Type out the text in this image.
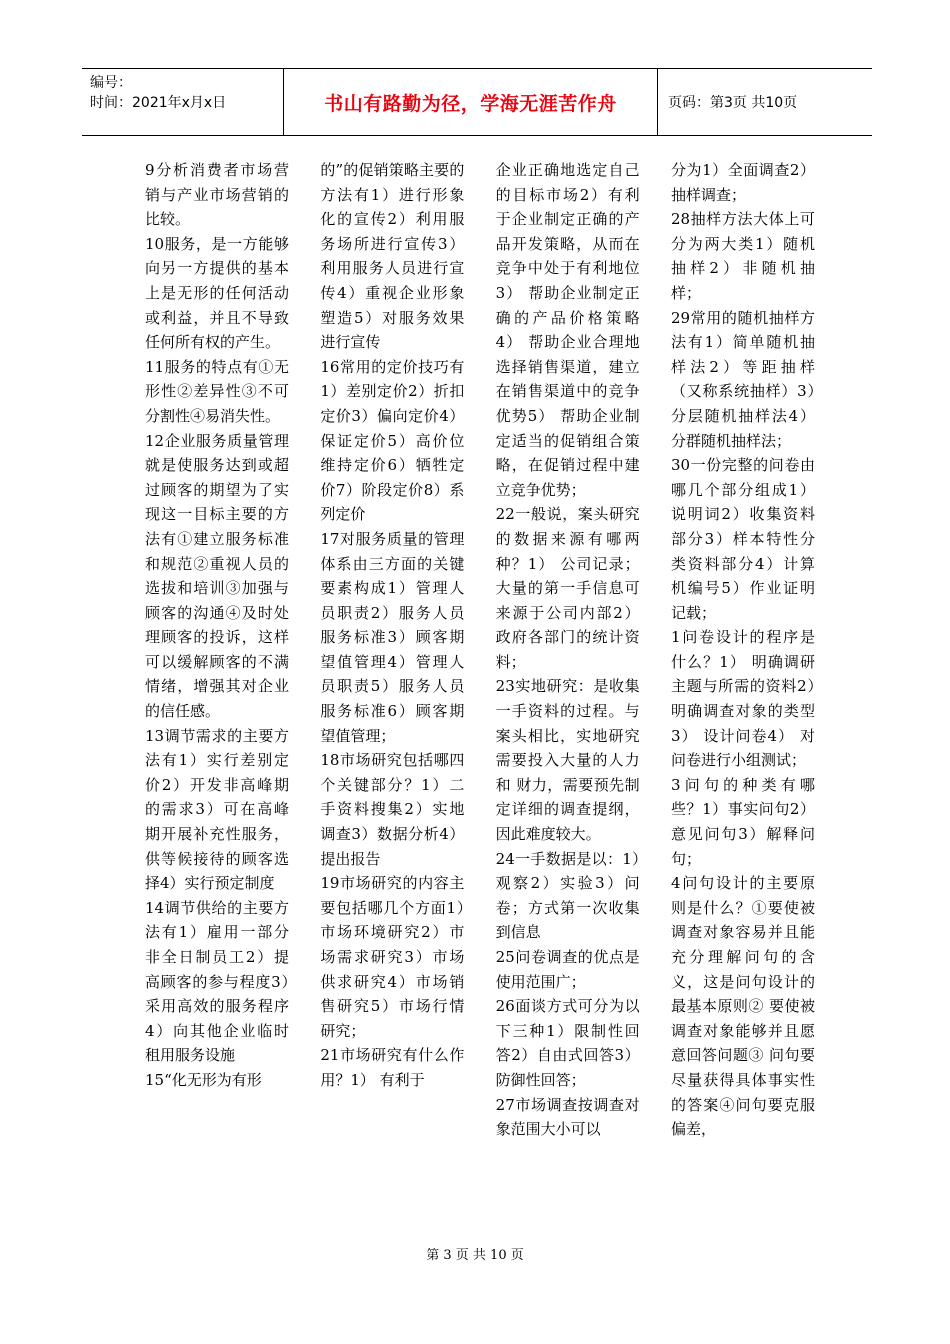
编号：
时间：2021年x月x日	书山有路勤为径，学海无涯苦作舟	页码：第3页 共10页

9分析消费者市场营销与产业市场营销的比较。

10服务，是一方能够向另一方提供的基本上是无形的任何活动或利益，并且不导致任何所有权的产生。

11服务的特点有①无形性②差异性③不可分割性④易消失性。

12企业服务质量管理就是使服务达到或超过顾客的期望为了实现这一目标主要的方法有①建立服务标准和规范②重视人员的选拔和培训③加强与顾客的沟通④及时处理顾客的投诉，这样可以缓解顾客的不满情绪，增强其对企业的信任感。

13调节需求的主要方法有1）实行差别定价2）开发非高峰期的需求3）可在高峰期开展补充性服务，供等候接待的顾客选择4）实行预定制度

14调节供给的主要方法有1）雇用一部分非全日制员工2）提高顾客的参与程度3）采用高效的服务程序4）向其他企业临时租用服务设施

15“化无形为有形

的”的促销策略主要的方法有1）进行形象化的宣传2）利用服务场所进行宣传3）利用服务人员进行宣传4）重视企业形象塑造5）对服务效果进行宣传

16常用的定价技巧有1）差别定价2）折扣定价3）偏向定价4）保证定价5）高价位维持定价6）牺牲定价7）阶段定价8）系列定价

17对服务质量的管理体系由三方面的关键要素构成1）管理人员职责2）服务人员服务标准3）顾客期望值管理4）管理人员职责5）服务人员服务标准6）顾客期望值管理；

18市场研究包括哪四个关键部分？1）二手资料搜集2）实地调查3）数据分析4）提出报告

19市场研究的内容主要包括哪几个方面1）市场环境研究2）市场需求研究3）市场供求研究4）市场销售研究5）市场行情研究；

21市场研究有什么作用？1） 有利于

企业正确地选定自己的目标市场2）有利于企业制定正确的产品开发策略，从而在竞争中处于有利地位3） 帮助企业制定正确的产品价格策略4） 帮助企业合理地选择销售渠道，建立在销售渠道中的竞争优势5） 帮助企业制定适当的促销组合策略，在促销过程中建立竞争优势；

22一般说，案头研究的数据来源有哪两种？1） 公司记录；大量的第一手信息可来源于公司内部2） 政府各部门的统计资料；

23实地研究：是收集一手资料的过程。与案头相比，实地研究需要投入大量的人力和 财力，需要预先制定详细的调查提纲，因此难度较大。

24一手数据是以：1）观察2）实验3）问卷；方式第一次收集到信息

25问卷调查的优点是使用范围广；

26面谈方式可分为以下三种1）限制性回答2）自由式回答3）防御性回答；

27市场调查按调查对象范围大小可以

分为1）全面调查2）抽样调查；

28抽样方法大体上可分为两大类1）随机抽样2）非随机抽样；

29常用的随机抽样方法有1）简单随机抽样法2）等距抽样（又称系统抽样）3）分层随机抽样法4） 分群随机抽样法；

30一份完整的问卷由哪几个部分组成1）说明词2）收集资料部分3）样本特性分类资料部分4）计算机编号5）作业证明记载；

1问卷设计的程序是什么？1） 明确调研主题与所需的资料2）明确调查对象的类型3） 设计问卷4） 对问卷进行小组测试；

3问句的种类有哪些？1）事实问句2）意见问句3）解释问句；

4问句设计的主要原则是什么？①要使被调查对象容易并且能充分理解问句的含义，这是问句设计的最基本原则② 要使被调查对象能够并且愿意回答问题③ 问句要尽量获得具体事实性的答案④问句要克服偏差，

第 3 页 共 10 页
